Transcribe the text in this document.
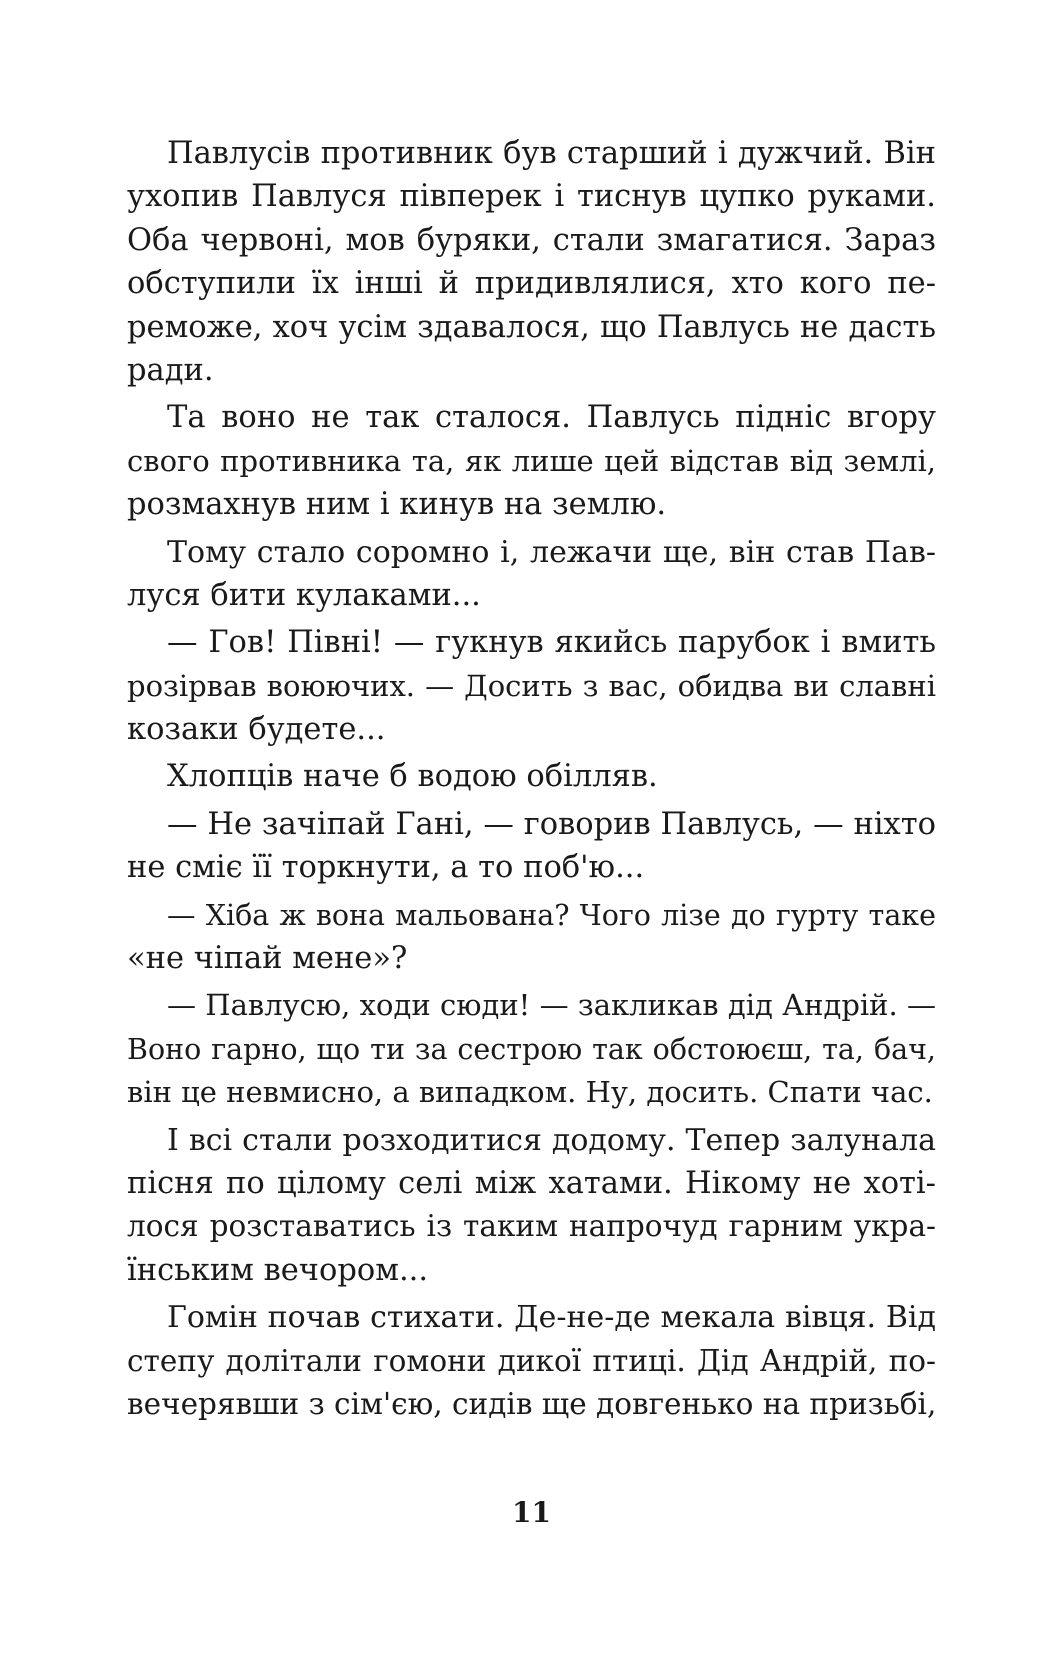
Павлусів противник був старший і дужчий. Він
ухопив Павлуся півперек і тиснув цупко руками.
Оба червоні, мов буряки, стали змагатися. Зараз
обступили їх інші й придивлялися, хто кого пе-
реможе, хоч усім здавалося, що Павлусь не дасть
ради.
Та воно не так сталося. Павлусь підніс вгору
свого противника та, як лише цей відстав від землі,
розмахнув ним і кинув на землю.
Тому стало соромно і, лежачи ще, він став Пав-
луся бити кулаками...
— Гов! Півні! — гукнув якийсь парубок і вмить
розірвав воюючих. — Досить з вас, обидва ви славні
козаки будете...
Хлопців наче б водою обілляв.
— Не зачіпай Гані, — говорив Павлусь, — ніхто
не сміє її торкнути, а то поб'ю...
— Хіба ж вона мальована? Чого лізе до гурту таке
«не чіпай мене»?
— Павлусю, ходи сюди! — закликав дід Андрій. —
Воно гарно, що ти за сестрою так обстоюєш, та, бач,
він це невмисно, а випадком. Ну, досить. Спати час.
І всі стали розходитися додому. Тепер залунала
пісня по цілому селі між хатами. Нікому не хоті-
лося розставатись із таким напрочуд гарним укра-
їнським вечором...
Гомін почав стихати. Де-не-де мекала вівця. Від
степу долітали гомони дикої птиці. Дід Андрій, по-
вечерявши з сім'єю, сидів ще довгенько на призьбі,
11
